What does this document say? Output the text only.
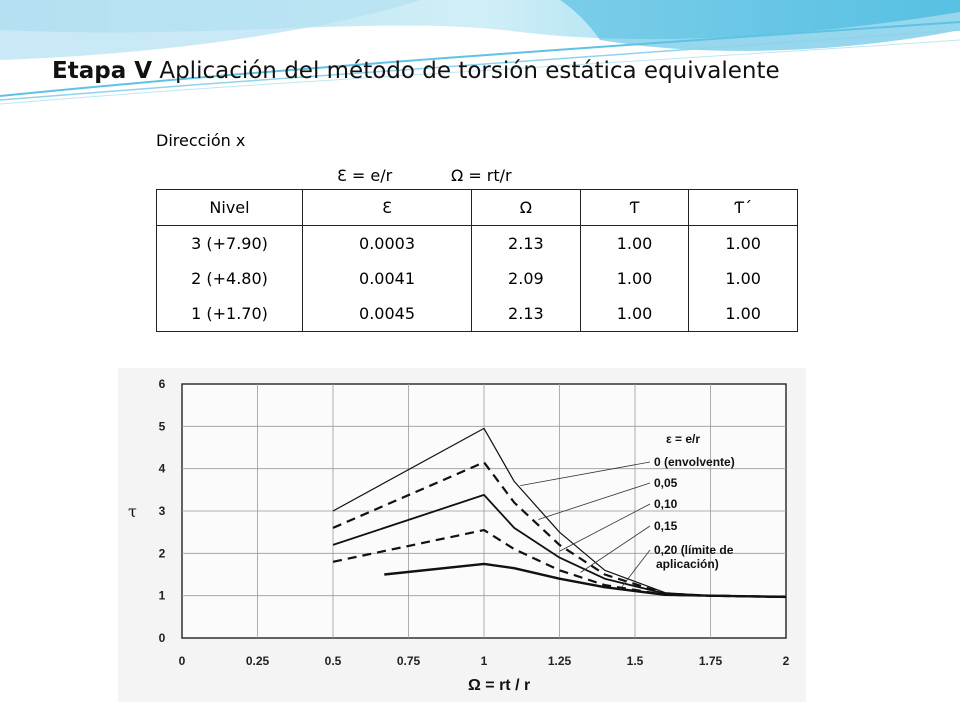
Etapa V Aplicación del método de torsión estática equivalente
Dirección x
Ɛ = e/r	Ω = rt/r
Nivel	Ɛ	Ω	Ƭ	Ƭ´
3 (+7.90)	0.0003	2.13	1.00	1.00
2 (+4.80)	0.0041	2.09	1.00	1.00
1 (+1.70)	0.0045	2.13	1.00	1.00
0	0.25	0.5	0.75	1	1.25	1.5	1.75	2
0
1
2
3
4
5
6
τ
Ω = rt / r
ε = e/r
0 (envolvente)
0,05
0,10
0,15
0,20 (límite de
aplicación)
